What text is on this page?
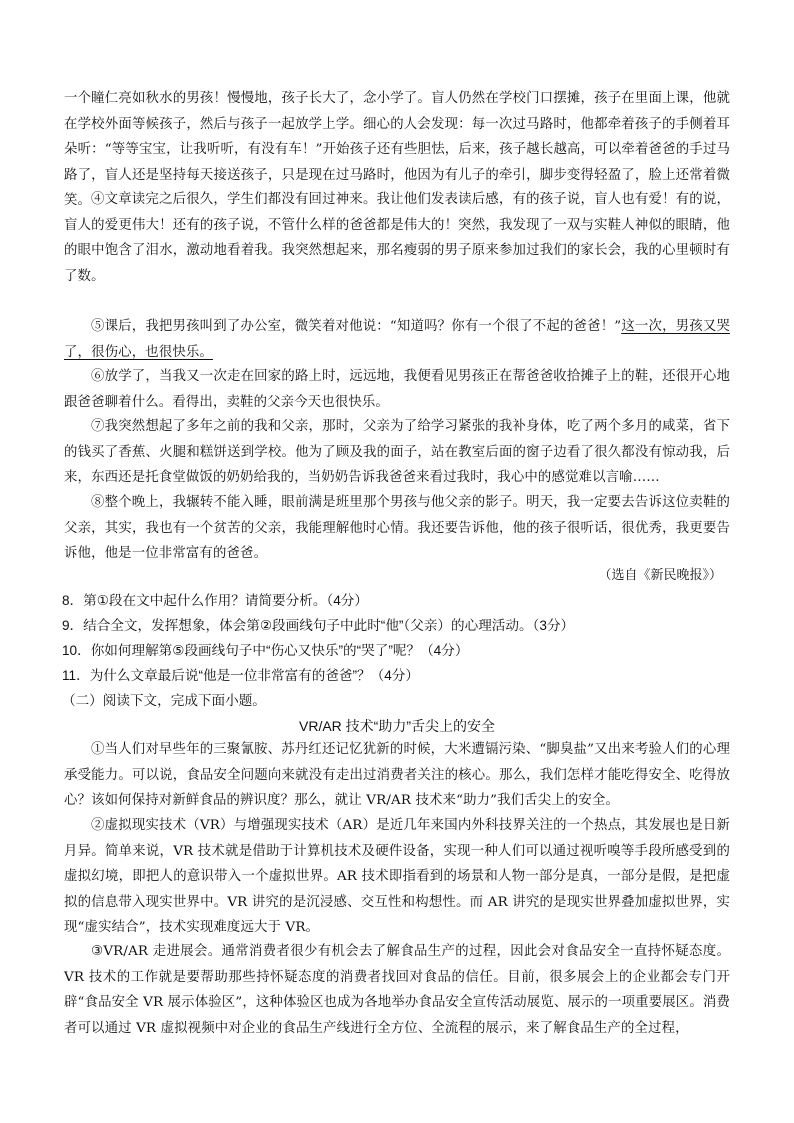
一个瞳仁亮如秋水的男孩！慢慢地，孩子长大了，念小学了。盲人仍然在学校门口摆摊，孩子在里面上课，他就在学校外面等候孩子，然后与孩子一起放学上学。细心的人会发现：每一次过马路时，他都牵着孩子的手侧着耳朵听：“等等宝宝，让我听听，有没有车！”开始孩子还有些胆怯，后来，孩子越长越高，可以牵着爸爸的手过马路了，盲人还是坚持每天接送孩子，只是现在过马路时，他因为有儿子的牵引，脚步变得轻盈了，脸上还常着微笑。 ④文章读完之后很久，学生们都没有回过神来。我让他们发表读后感，有的孩子说，盲人也有爱！有的说，盲人的爱更伟大！还有的孩子说，不管什么样的爸爸都是伟大的！突然，我发现了一双与实鞋人神似的眼睛，他的眼中饱含了泪水，激动地看着我。我突然想起来，那名瘦弱的男子原来参加过我们的家长会，我的心里顿时有了数。

⑤课后，我把男孩叫到了办公室，微笑着对他说：“知道吗？你有一个很了不起的爸爸！”这一次，男孩又哭了，很伤心，也很快乐。

⑥放学了，当我又一次走在回家的路上时，远远地，我便看见男孩正在帮爸爸收拾摊子上的鞋，还很开心地跟爸爸聊着什么。看得出，卖鞋的父亲今天也很快乐。

⑦我突然想起了多年之前的我和父亲，那时，父亲为了给学习紧张的我补身体，吃了两个多月的咸菜，省下的钱买了香蕉、火腿和糕饼送到学校。他为了顾及我的面子，站在教室后面的窗子边看了很久都没有惊动我，后来，东西还是托食堂做饭的奶奶给我的，当奶奶告诉我爸爸来看过我时，我心中的感觉难以言喻……

⑧整个晚上，我辗转不能入睡，眼前满是班里那个男孩与他父亲的影子。明天，我一定要去告诉这位卖鞋的父亲，其实，我也有一个贫苦的父亲，我能理解他时心情。我还要告诉他，他的孩子很听话，很优秀，我更要告诉他，他是一位非常富有的爸爸。

（选自《新民晚报》）

8．第①段在文中起什么作用？请简要分析。（4分）

9．结合全文，发挥想象，体会第②段画线句子中此时“他”（父亲）的心理活动。（3分）

10．你如何理解第⑤段画线句子中“伤心又快乐”的“哭了”呢？（4分）

11．为什么文章最后说“他是一位非常富有的爸爸”？（4分）

（二）阅读下文，完成下面小题。

VR/AR 技术“助力”舌尖上的安全

①当人们对早些年的三聚氰胺、苏丹红还记忆犹新的时候，大米遭镉污染、“脚臭盐”又出来考验人们的心理承受能力。可以说，食品安全问题向来就没有走出过消费者关注的核心。那么，我们怎样才能吃得安全、吃得放心？该如何保持对新鲜食品的辨识度？那么，就让 VR/AR 技术来“助力”我们舌尖上的安全。

②虚拟现实技术（VR）与增强现实技术（AR）是近几年来国内外科技界关注的一个热点，其发展也是日新月异。简单来说，VR 技术就是借助于计算机技术及硬件设备，实现一种人们可以通过视听嗅等手段所感受到的虚拟幻境，即把人的意识带入一个虚拟世界。AR 技术即指看到的场景和人物一部分是真，一部分是假，是把虚拟的信息带入现实世界中。VR 讲究的是沉浸感、交互性和构想性。而 AR 讲究的是现实世界叠加虚拟世界，实现“虚实结合”，技术实现难度远大于 VR。

③VR/AR 走进展会。通常消费者很少有机会去了解食品生产的过程，因此会对食品安全一直持怀疑态度。VR 技术的工作就是要帮助那些持怀疑态度的消费者找回对食品的信任。目前，很多展会上的企业都会专门开辟“食品安全 VR 展示体验区”，这种体验区也成为各地举办食品安全宣传活动展览、展示的一项重要展区。消费者可以通过 VR 虚拟视频中对企业的食品生产线进行全方位、全流程的展示，来了解食品生产的全过程，
